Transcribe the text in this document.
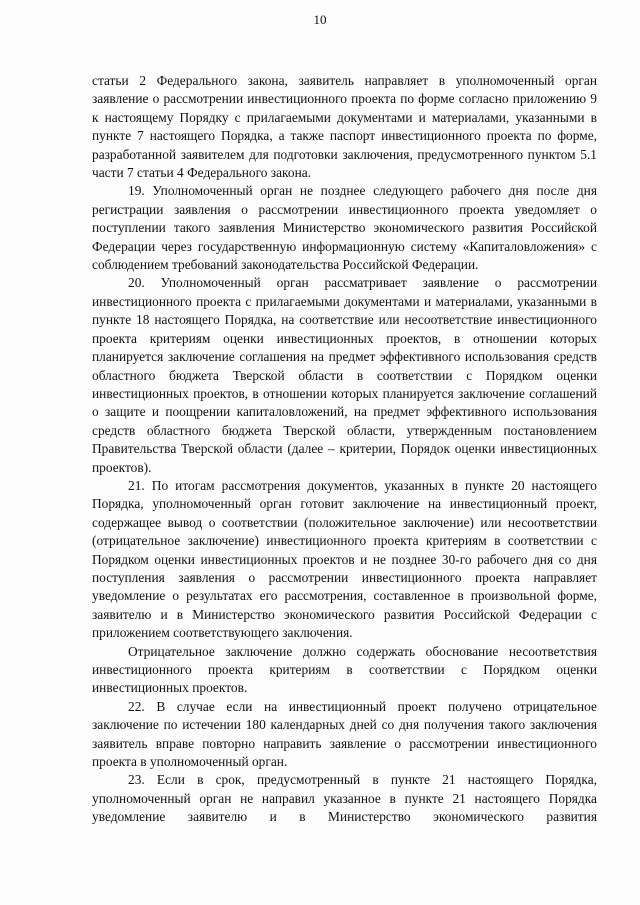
10

статьи 2 Федерального закона, заявитель направляет в уполномоченный орган заявление о рассмотрении инвестиционного проекта по форме согласно приложению 9 к настоящему Порядку с прилагаемыми документами и материалами, указанными в пункте 7 настоящего Порядка, а также паспорт инвестиционного проекта по форме, разработанной заявителем для подготовки заключения, предусмотренного пунктом 5.1 части 7 статьи 4 Федерального закона.

19. Уполномоченный орган не позднее следующего рабочего дня после дня регистрации заявления о рассмотрении инвестиционного проекта уведомляет о поступлении такого заявления Министерство экономического развития Российской Федерации через государственную информационную систему «Капиталовложения» с соблюдением требований законодательства Российской Федерации.

20. Уполномоченный орган рассматривает заявление о рассмотрении инвестиционного проекта с прилагаемыми документами и материалами, указанными в пункте 18 настоящего Порядка, на соответствие или несоответствие инвестиционного проекта критериям оценки инвестиционных проектов, в отношении которых планируется заключение соглашения на предмет эффективного использования средств областного бюджета Тверской области в соответствии с Порядком оценки инвестиционных проектов, в отношении которых планируется заключение соглашений о защите и поощрении капиталовложений, на предмет эффективного использования средств областного бюджета Тверской области, утвержденным постановлением Правительства Тверской области (далее – критерии, Порядок оценки инвестиционных проектов).

21. По итогам рассмотрения документов, указанных в пункте 20 настоящего Порядка, уполномоченный орган готовит заключение на инвестиционный проект, содержащее вывод о соответствии (положительное заключение) или несоответствии (отрицательное заключение) инвестиционного проекта критериям в соответствии с Порядком оценки инвестиционных проектов и не позднее 30-го рабочего дня со дня поступления заявления о рассмотрении инвестиционного проекта направляет уведомление о результатах его рассмотрения, составленное в произвольной форме, заявителю и в Министерство экономического развития Российской Федерации с приложением соответствующего заключения.

Отрицательное заключение должно содержать обоснование несоответствия инвестиционного проекта критериям в соответствии с Порядком оценки инвестиционных проектов.

22. В случае если на инвестиционный проект получено отрицательное заключение по истечении 180 календарных дней со дня получения такого заключения заявитель вправе повторно направить заявление о рассмотрении инвестиционного проекта в уполномоченный орган.

23. Если в срок, предусмотренный в пункте 21 настоящего Порядка, уполномоченный орган не направил указанное в пункте 21 настоящего Порядка уведомление заявителю и в Министерство экономического развития
